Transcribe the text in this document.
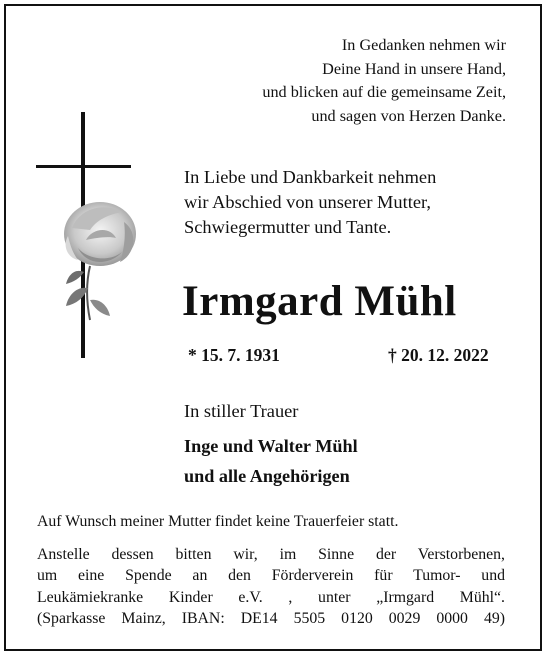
In Gedanken nehmen wir
Deine Hand in unsere Hand,
und blicken auf die gemeinsame Zeit,
und sagen von Herzen Danke.
In Liebe und Dankbarkeit nehmen
wir Abschied von unserer Mutter,
Schwiegermutter und Tante.
Irmgard Mühl
* 15. 7. 1931	† 20. 12. 2022
In stiller Trauer
Inge und Walter Mühl
und alle Angehörigen
Auf Wunsch meiner Mutter findet keine Trauerfeier statt.
Anstelle dessen bitten wir, im Sinne der Verstorbenen,
um eine Spende an den Förderverein für Tumor- und
Leukämiekranke Kinder e.V. , unter „Irmgard Mühl“.
(Sparkasse Mainz, IBAN: DE14 5505 0120 0029 0000 49)
